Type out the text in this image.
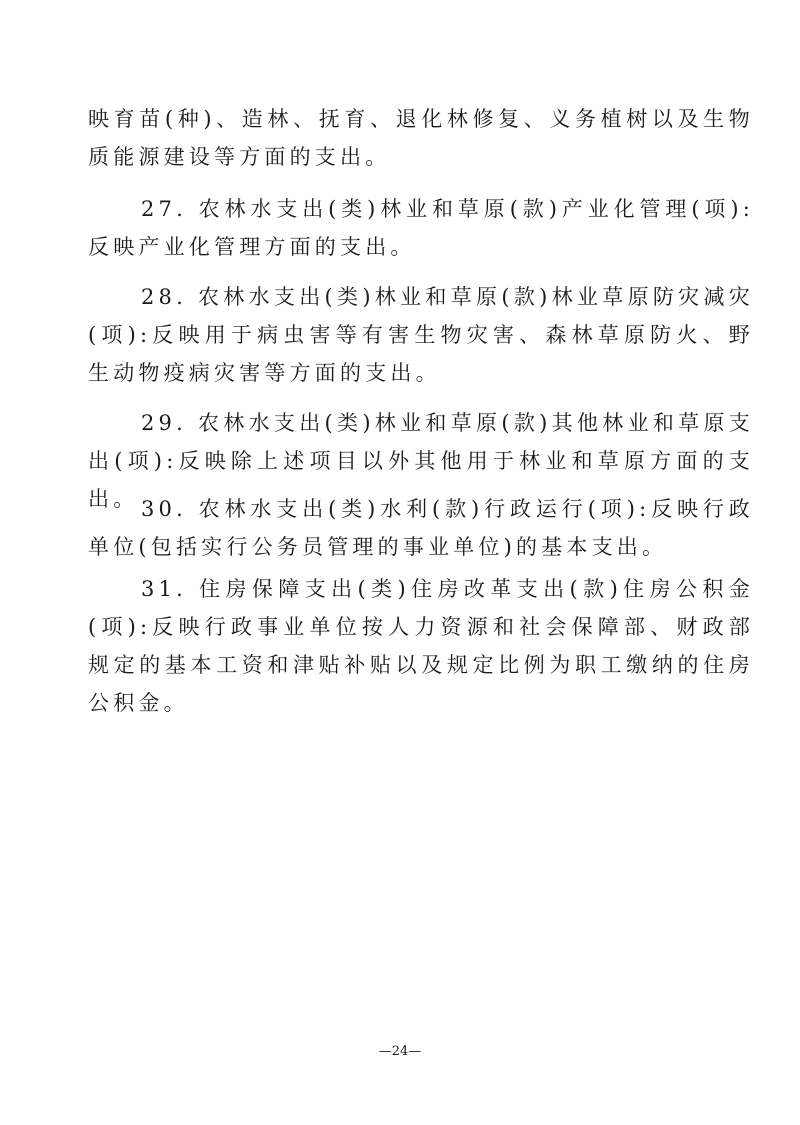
映育苗(种)、造林、抚育、退化林修复、义务植树以及生物质能源建设等方面的支出。

27. 农林水支出(类)林业和草原(款)产业化管理(项):反映产业化管理方面的支出。

28. 农林水支出(类)林业和草原(款)林业草原防灾减灾(项):反映用于病虫害等有害生物灾害、森林草原防火、野生动物疫病灾害等方面的支出。

29. 农林水支出(类)林业和草原(款)其他林业和草原支出(项):反映除上述项目以外其他用于林业和草原方面的支出。 30. 农林水支出(类)水利(款)行政运行(项):反映行政单位(包括实行公务员管理的事业单位)的基本支出。

31. 住房保障支出(类)住房改革支出(款)住房公积金(项):反映行政事业单位按人力资源和社会保障部、财政部规定的基本工资和津贴补贴以及规定比例为职工缴纳的住房公积金。

—24—
